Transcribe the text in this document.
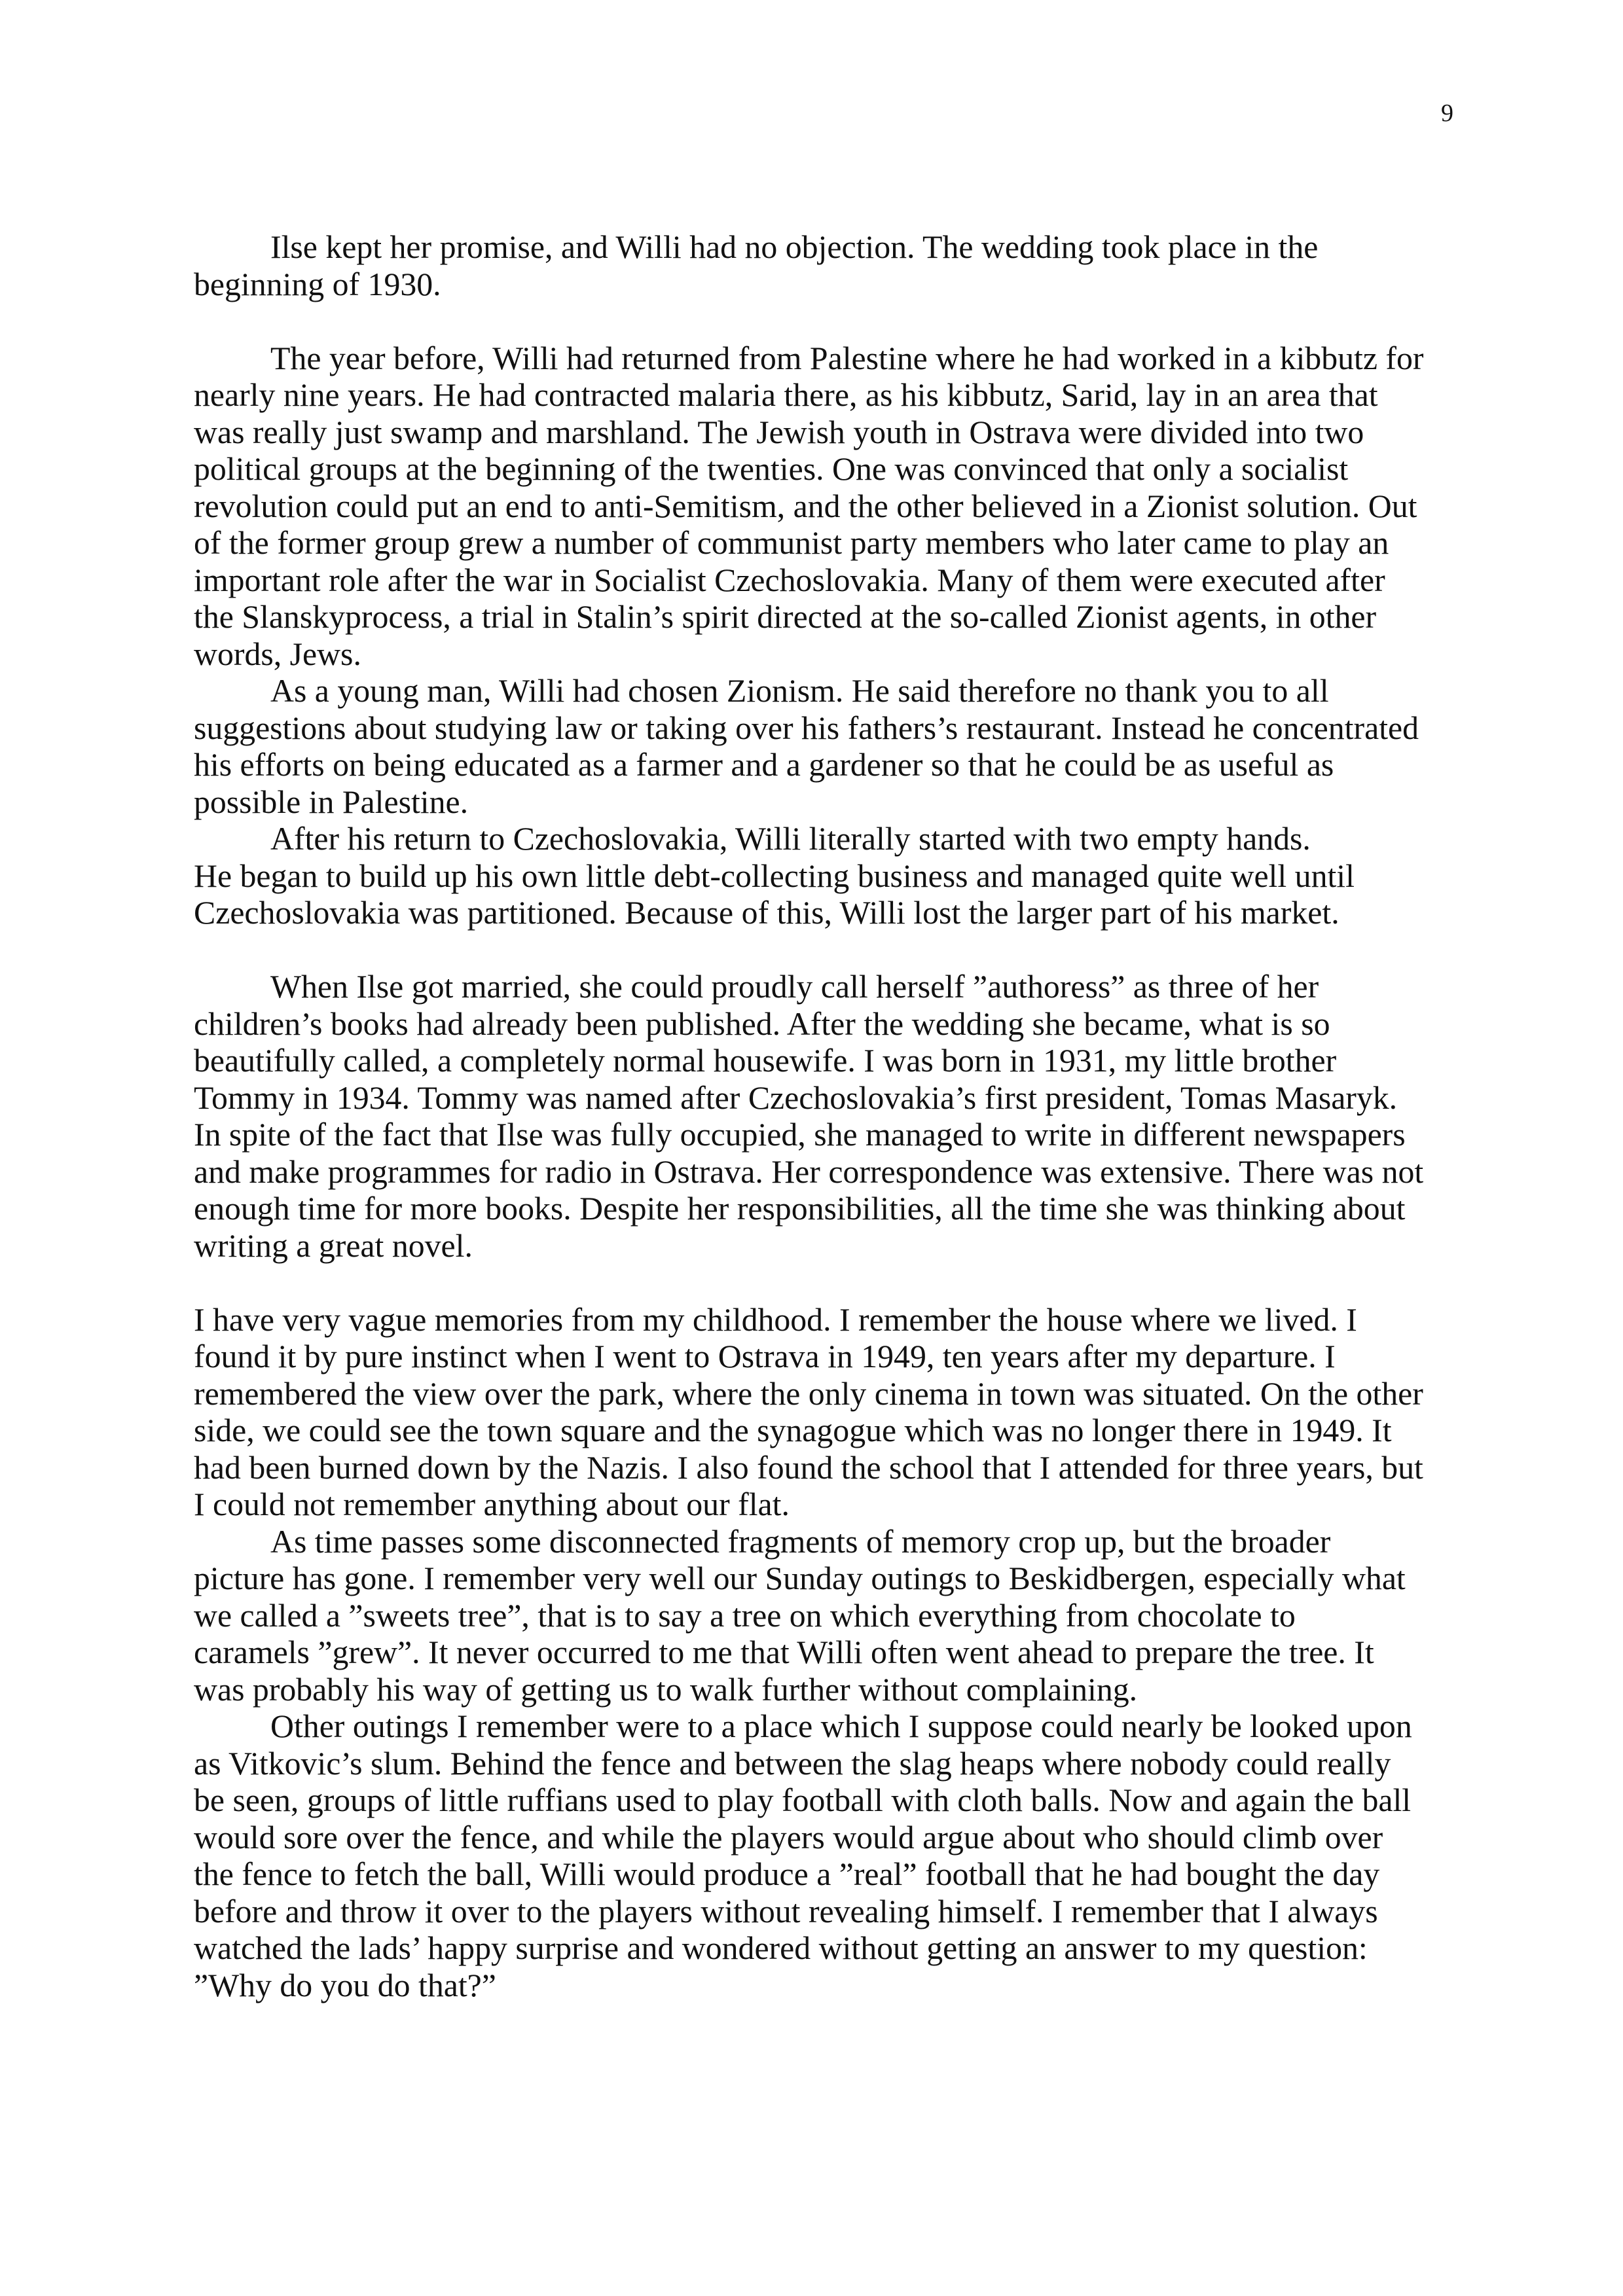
9

Ilse kept her promise, and Willi had no objection. The wedding took place in the
beginning of 1930.

The year before, Willi had returned from Palestine where he had worked in a kibbutz for
nearly nine years. He had contracted malaria there, as his kibbutz, Sarid, lay in an area that
was really just swamp and marshland. The Jewish youth in Ostrava were divided into two
political groups at the beginning of the twenties. One was convinced that only a socialist
revolution could put an end to anti-Semitism, and the other believed in a Zionist solution. Out
of the former group grew a number of communist party members who later came to play an
important role after the war in Socialist Czechoslovakia. Many of them were executed after
the Slanskyprocess, a trial in Stalin’s spirit directed at the so-called Zionist agents, in other
words, Jews.

As a young man, Willi had chosen Zionism. He said therefore no thank you to all
suggestions about studying law or taking over his fathers’s restaurant. Instead he concentrated
his efforts on being educated as a farmer and a gardener so that he could be as useful as
possible in Palestine.

After his return to Czechoslovakia, Willi literally started with two empty hands.
He began to build up his own little debt-collecting business and managed quite well until
Czechoslovakia was partitioned. Because of this, Willi lost the larger part of his market.

When Ilse got married, she could proudly call herself ”authoress” as three of her
children’s books had already been published. After the wedding she became, what is so
beautifully called, a completely normal housewife. I was born in 1931, my little brother
Tommy in 1934. Tommy was named after Czechoslovakia’s first president, Tomas Masaryk.
In spite of the fact that Ilse was fully occupied, she managed to write in different newspapers
and make programmes for radio in Ostrava. Her correspondence was extensive. There was not
enough time for more books. Despite her responsibilities, all the time she was thinking about
writing a great novel.

I have very vague memories from my childhood. I remember the house where we lived. I
found it by pure instinct when I went to Ostrava in 1949, ten years after my departure. I
remembered the view over the park, where the only cinema in town was situated. On the other
side, we could see the town square and the synagogue which was no longer there in 1949. It
had been burned down by the Nazis. I also found the school that I attended for three years, but
I could not remember anything about our flat.

As time passes some disconnected fragments of memory crop up, but the broader
picture has gone. I remember very well our Sunday outings to Beskidbergen, especially what
we called a ”sweets tree”, that is to say a tree on which everything from chocolate to
caramels ”grew”. It never occurred to me that Willi often went ahead to prepare the tree. It
was probably his way of getting us to walk further without complaining.

Other outings I remember were to a place which I suppose could nearly be looked upon
as Vitkovic’s slum. Behind the fence and between the slag heaps where nobody could really
be seen, groups of little ruffians used to play football with cloth balls. Now and again the ball
would sore over the fence, and while the players would argue about who should climb over
the fence to fetch the ball, Willi would produce a ”real” football that he had bought the day
before and throw it over to the players without revealing himself. I remember that I always
watched the lads’ happy surprise and wondered without getting an answer to my question:
”Why do you do that?”
